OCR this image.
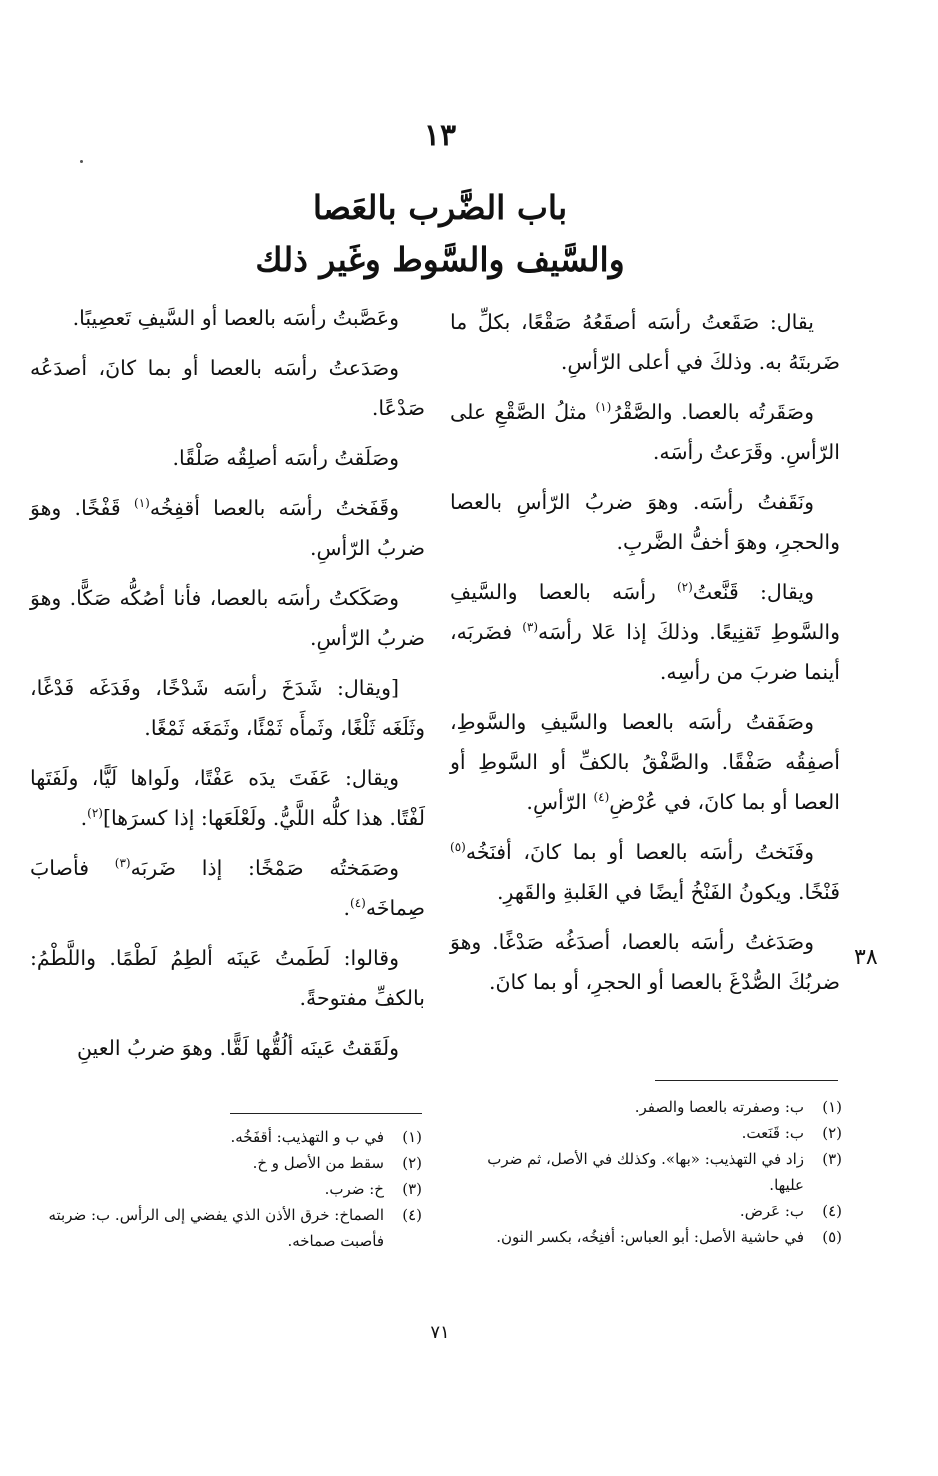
١٣
باب الضَّرب بالعَصا
والسَّيف والسَّوط وغَير ذلك

يقال: صَقَعتُ رأسَه أصقَعُهُ صَقْعًا، بكلِّ ما ضَربتَهُ به. وذلكَ في أعلى الرّأسِ.

وصَقَرتُه بالعصا. والصَّقْرُ$^{(١)}$ مثلُ الصَّقْعِ على الرّأسِ. وقَرَعتُ رأسَه.

ونَقَفتُ رأسَه. وهوَ ضربُ الرّأسِ بالعصا والحجرِ، وهوَ أخفُّ الضَّربِ.

ويقال: قَنَّعتُ$^{(٢)}$ رأسَه بالعصا والسَّيفِ والسَّوطِ تَقنِيعًا. وذلكَ إذا عَلا رأسَه$^{(٣)}$ فضَربَه، أينما ضربَ من رأسِه.

وصَفَقتُ رأسَه بالعصا والسَّيفِ والسَّوطِ، أصفِقُه صَفْقًا. والصَّفْقُ بالكفِّ أو السَّوطِ أو العصا أو بما كانَ، في عُرْضِ$^{(٤)}$ الرّأسِ.

وفَنَختُ رأسَه بالعصا أو بما كانَ، أفنَخُه$^{(٥)}$ فَنْخًا. ويكونُ الفَنْخُ أيضًا في الغَلبةِ والقَهرِ.

وصَدَغتُ رأسَه بالعصا، أصدَغُه صَدْغًا. وهوَ ضربُكَ الصُّدْغَ بالعصا أو الحجرِ، أو بما كانَ.

٣٨

وعَصَّبتُ رأسَه بالعصا أو السَّيفِ تَعصِيبًا.

وصَدَعتُ رأسَه بالعصا أو بما كانَ، أصدَعُه صَدْعًا.

وصَلَقتُ رأسَه أصلِقُه صَلْقًا.

وقَفَختُ رأسَه بالعصا أقفِخُه$^{(١)}$ قَفْخًا. وهوَ ضربُ الرّأسِ.

وصَكَكتُ رأسَه بالعصا، فأنا أصُكُّه صَكًّا. وهوَ ضربُ الرّأسِ.

[ويقال: شَدَخَ رأسَه شَدْخًا، وفَدَغَه فَدْغًا، وثَلَغَه ثَلْغًا، وثَمأَه ثَمْئًا، وثَمَغَه ثَمْغًا.

ويقال: عَفَتَ يدَه عَفْتًا، ولَواها لَيًّا، ولَفَتَها لَفْتًا. هذا كلُّه اللَّيُّ. ولَعْلَعَها: إذا كسرَها]$^{(٢)}$.

وصَمَختُه صَمْخًا: إذا ضَربَه$^{(٣)}$ فأصابَ صِماخَه$^{(٤)}$.

وقالوا: لَطَمتُ عَينَه ألطِمُ لَطْمًا. واللَّطْمُ: بالكفِّ مفتوحةً.

ولَقَقتُ عَينَه ألُقُّها لَقًّا. وهوَ ضربُ العينِ

(١)
ب: وصفرته بالعصا والصفر.
(٢)
ب: قَنَعت.
(٣)
زاد في التهذيب: «بها». وكذلك في الأصل، ثم ضرب عليها.
(٤)
ب: عَرض.
(٥)
في حاشية الأصل: أبو العباس: أفنِخُه، بكسر النون.
(١)
في ب و التهذيب: أقفَخُه.
(٢)
سقط من الأصل و خ.
(٣)
خ: ضرب.
(٤)
الصماخ: خرق الأذن الذي يفضي إلى الرأس. ب: ضربته فأصبت صماخه.
٧١
